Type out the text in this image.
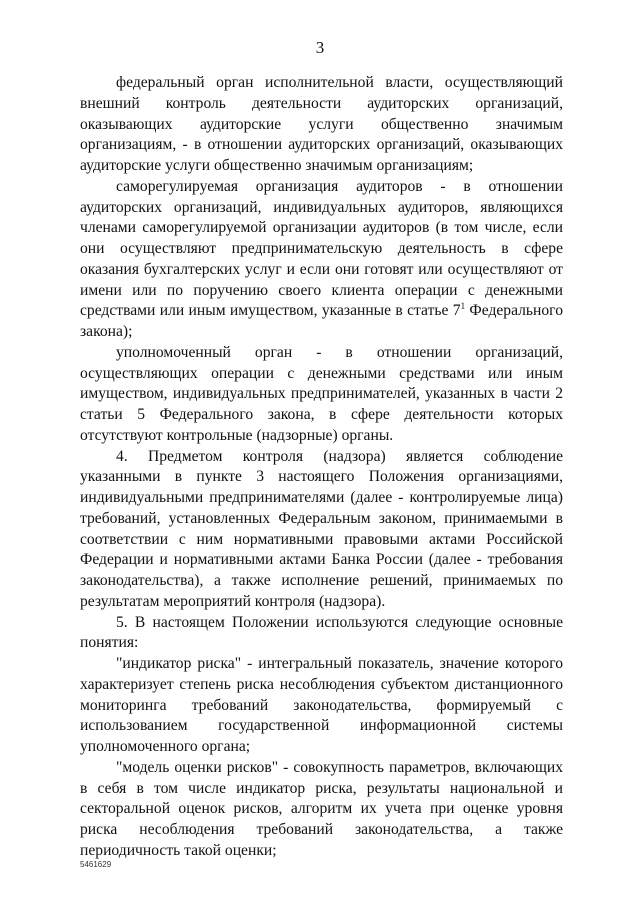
3

федеральный орган исполнительной власти, осуществляющий внешний контроль деятельности аудиторских организаций, оказывающих аудиторские услуги общественно значимым организациям, - в отношении аудиторских организаций, оказывающих аудиторские услуги общественно значимым организациям;

саморегулируемая организация аудиторов - в отношении аудиторских организаций, индивидуальных аудиторов, являющихся членами саморегулируемой организации аудиторов (в том числе, если они осуществляют предпринимательскую деятельность в сфере оказания бухгалтерских услуг и если они готовят или осуществляют от имени или по поручению своего клиента операции с денежными средствами или иным имуществом, указанные в статье $7^1$ Федерального закона);

уполномоченный орган - в отношении организаций, осуществляющих операции с денежными средствами или иным имуществом, индивидуальных предпринимателей, указанных в части 2 статьи 5 Федерального закона, в сфере деятельности которых отсутствуют контрольные (надзорные) органы.

4. Предметом контроля (надзора) является соблюдение указанными в пункте 3 настоящего Положения организациями, индивидуальными предпринимателями (далее - контролируемые лица) требований, установленных Федеральным законом, принимаемыми в соответствии с ним нормативными правовыми актами Российской Федерации и нормативными актами Банка России (далее - требования законодательства), а также исполнение решений, принимаемых по результатам мероприятий контроля (надзора).

5. В настоящем Положении используются следующие основные понятия:

"индикатор риска" - интегральный показатель, значение которого характеризует степень риска несоблюдения субъектом дистанционного мониторинга требований законодательства, формируемый с использованием государственной информационной системы уполномоченного органа;

"модель оценки рисков" - совокупность параметров, включающих в себя в том числе индикатор риска, результаты национальной и секторальной оценок рисков, алгоритм их учета при оценке уровня риска несоблюдения требований законодательства, а также периодичность такой оценки;

5461629
